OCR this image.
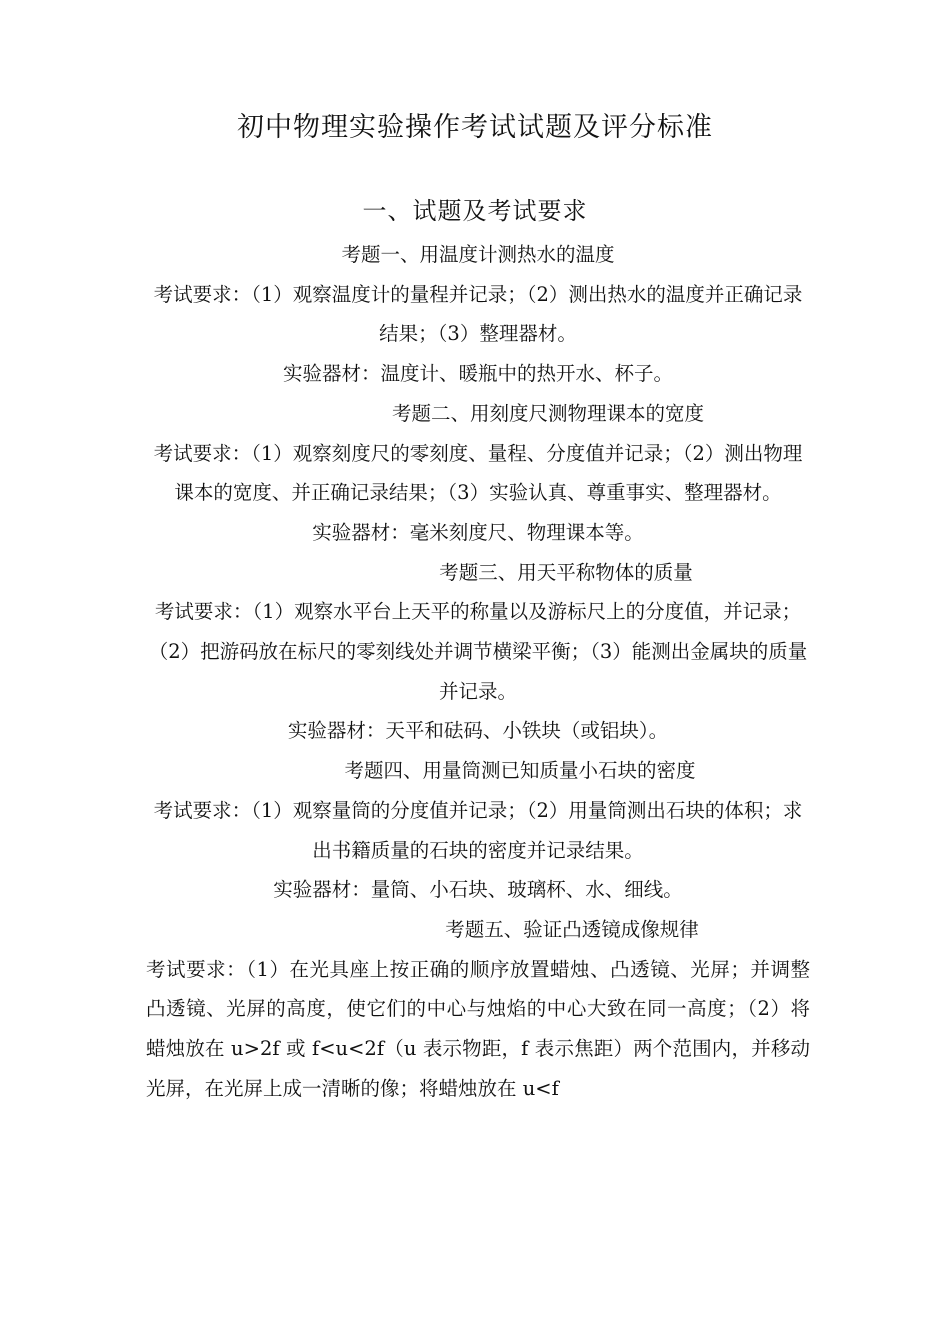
初中物理实验操作考试试题及评分标准
一、试题及考试要求
考题一、用温度计测热水的温度
考试要求：（1）观察温度计的量程并记录；（2）测出热水的温度并正确记录结果；（3）整理器材。
实验器材：温度计、暖瓶中的热开水、杯子。
考题二、用刻度尺测物理课本的宽度
考试要求：（1）观察刻度尺的零刻度、量程、分度值并记录；（2）测出物理课本的宽度、并正确记录结果；（3）实验认真、尊重事实、整理器材。
实验器材：毫米刻度尺、物理课本等。
考题三、用天平称物体的质量
考试要求：（1）观察水平台上天平的称量以及游标尺上的分度值，并记录；（2）把游码放在标尺的零刻线处并调节横梁平衡；（3）能测出金属块的质量并记录。
实验器材：天平和砝码、小铁块（或铝块）。
考题四、用量筒测已知质量小石块的密度
考试要求：（1）观察量筒的分度值并记录；（2）用量筒测出石块的体积；求出书籍质量的石块的密度并记录结果。
实验器材：量筒、小石块、玻璃杯、水、细线。
考题五、验证凸透镜成像规律
考试要求：（1）在光具座上按正确的顺序放置蜡烛、凸透镜、光屏；并调整凸透镜、光屏的高度，使它们的中心与烛焰的中心大致在同一高度；（2）将蜡烛放在 u>2f 或 f<u<2f（u 表示物距，f 表示焦距）两个范围内，并移动光屏，在光屏上成一清晰的像；将蜡烛放在 u<f
